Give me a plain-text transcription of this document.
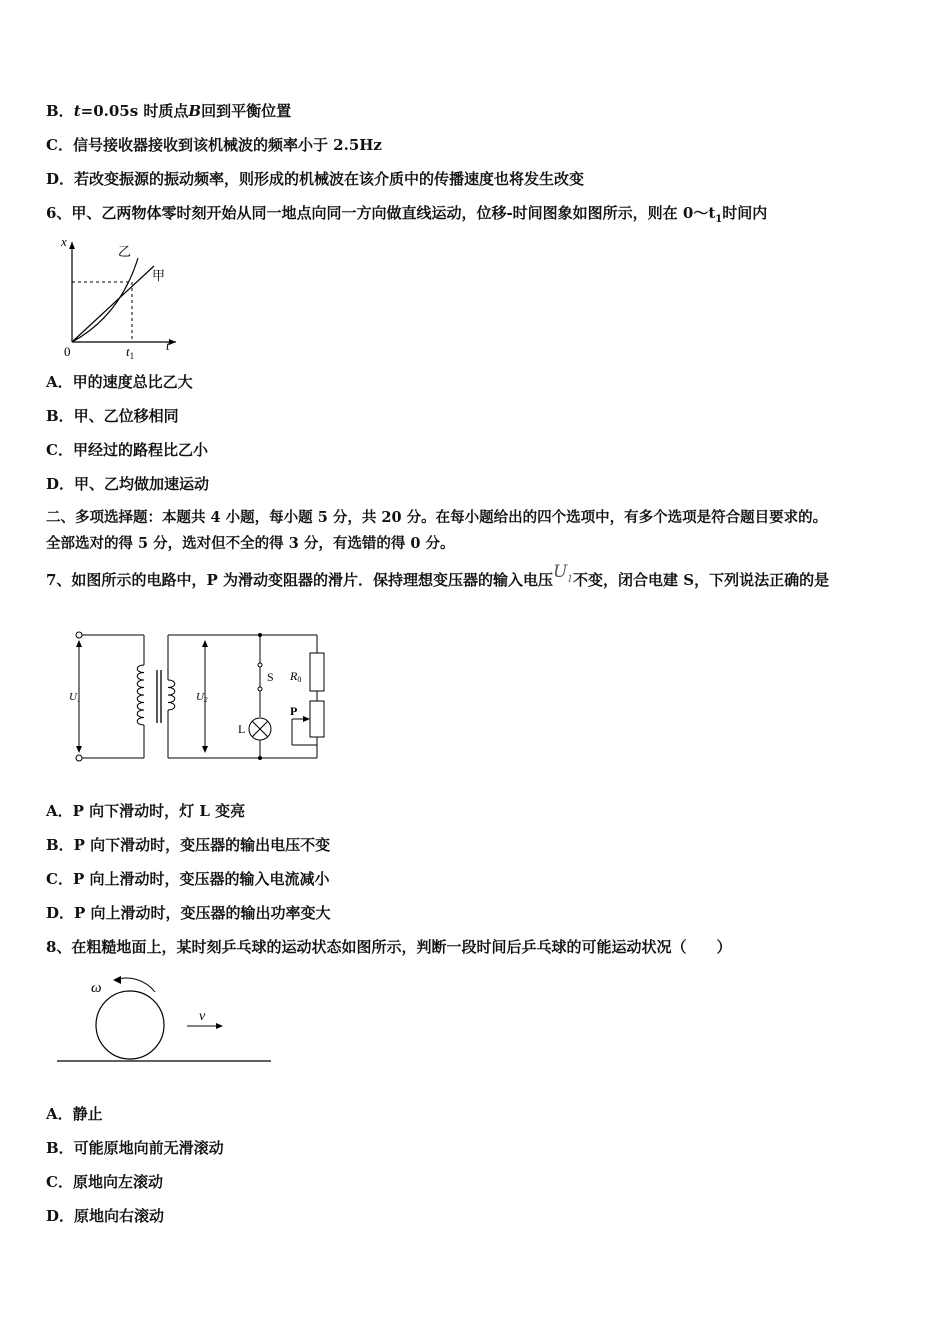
B．t=0.05s 时质点B回到平衡位置
C．信号接收器接收到该机械波的频率小于 2.5Hz
D．若改变振源的振动频率，则形成的机械波在该介质中的传播速度也将发生改变
6、甲、乙两物体零时刻开始从同一地点向同一方向做直线运动，位移-时间图象如图所示，则在 $0\sim t_1$时间内
x
t
0	$t_1$
乙
甲
A．甲的速度总比乙大
B．甲、乙位移相同
C．甲经过的路程比乙小
D．甲、乙均做加速运动
二、多项选择题：本题共 4 小题，每小题 5 分，共 20 分。在每小题给出的四个选项中，有多个选项是符合题目要求的。
全部选对的得 5 分，选对但不全的得 3 分，有选错的得 0 分。
7、如图所示的电路中，P 为滑动变阻器的滑片．保持理想变压器的输入电压$U_1$不变，闭合电建 S，下列说法正确的是
U1	U2
S
L
R0
P
A．P 向下滑动时，灯 L 变亮
B．P 向下滑动时，变压器的输出电压不变
C．P 向上滑动时，变压器的输入电流减小
D．P 向上滑动时，变压器的输出功率变大
8、在粗糙地面上，某时刻乒乓球的运动状态如图所示，判断一段时间后乒乓球的可能运动状况（　　）
ω
v
A．静止
B．可能原地向前无滑滚动
C．原地向左滚动
D．原地向右滚动
